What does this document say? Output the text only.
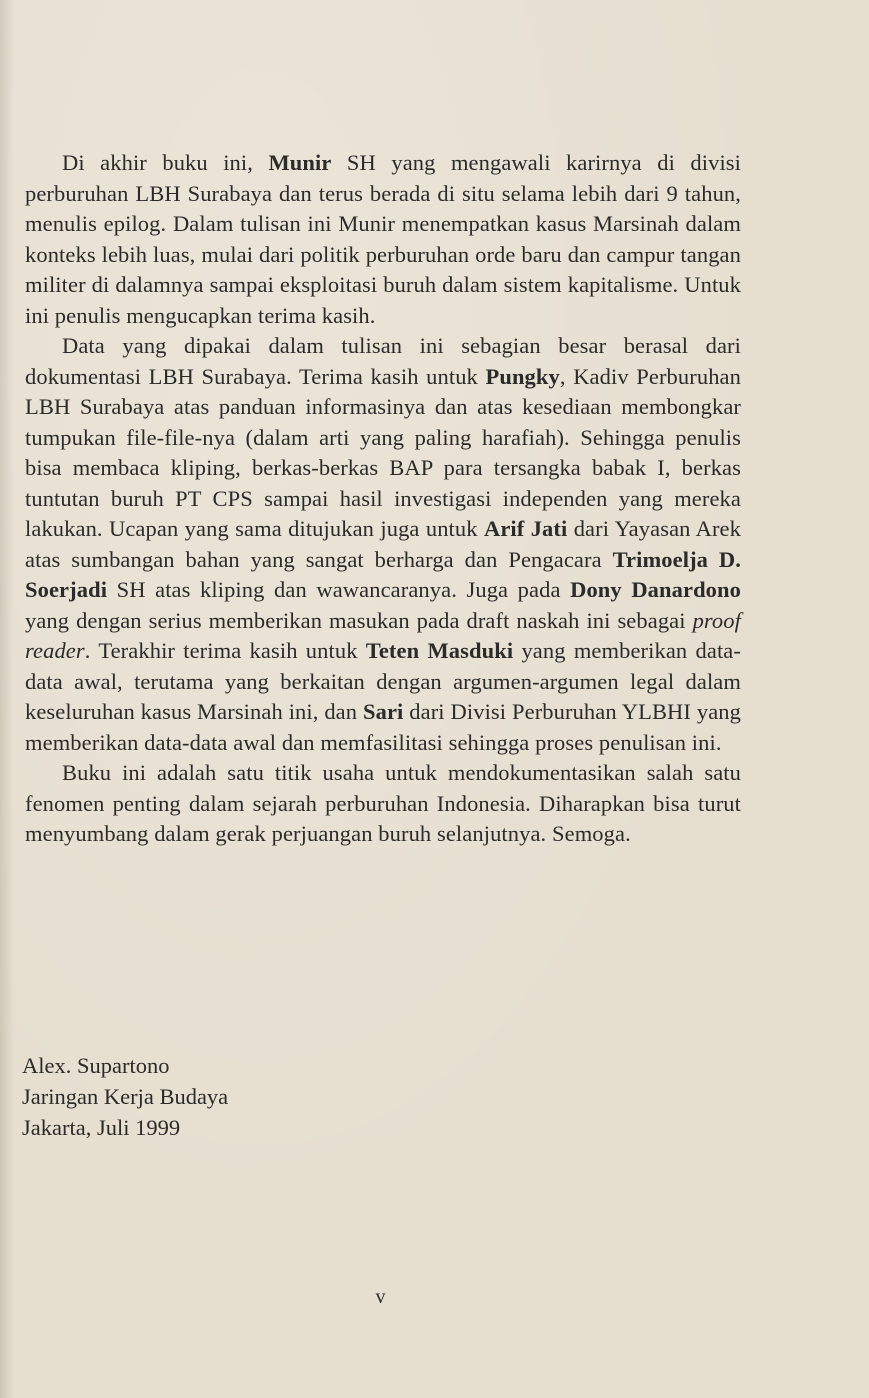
Di akhir buku ini, Munir SH yang mengawali karirnya di divisi perburuhan LBH Surabaya dan terus berada di situ selama lebih dari 9 tahun, menulis epilog. Dalam tulisan ini Munir menempatkan kasus Marsinah dalam konteks lebih luas, mulai dari politik perburuhan orde baru dan campur tangan militer di dalamnya sampai eksploitasi buruh dalam sistem kapitalisme. Untuk ini penulis mengucapkan terima kasih.

Data yang dipakai dalam tulisan ini sebagian besar berasal dari dokumentasi LBH Surabaya. Terima kasih untuk Pungky, Kadiv Perburuhan LBH Surabaya atas panduan informasinya dan atas kesediaan membongkar tumpukan file-file-nya (dalam arti yang paling harafiah). Sehingga penulis bisa membaca kliping, berkas-berkas BAP para tersangka babak I, berkas tuntutan buruh PT CPS sampai hasil investigasi independen yang mereka lakukan. Ucapan yang sama ditujukan juga untuk Arif Jati dari Yayasan Arek atas sumbangan bahan yang sangat berharga dan Pengacara Trimoelja D. Soerjadi SH atas kliping dan wawancaranya. Juga pada Dony Danardono yang dengan serius memberikan masukan pada draft naskah ini sebagai proof reader. Terakhir terima kasih untuk Teten Masduki yang memberikan data-data awal, terutama yang berkaitan dengan argumen-argumen legal dalam keseluruhan kasus Marsinah ini, dan Sari dari Divisi Perburuhan YLBHI yang memberikan data-data awal dan memfasilitasi sehingga proses penulisan ini.

Buku ini adalah satu titik usaha untuk mendokumentasikan salah satu fenomen penting dalam sejarah perburuhan Indonesia. Diharapkan bisa turut menyumbang dalam gerak perjuangan buruh selanjutnya. Semoga.

Alex. Supartono
Jaringan Kerja Budaya
Jakarta, Juli 1999
v
